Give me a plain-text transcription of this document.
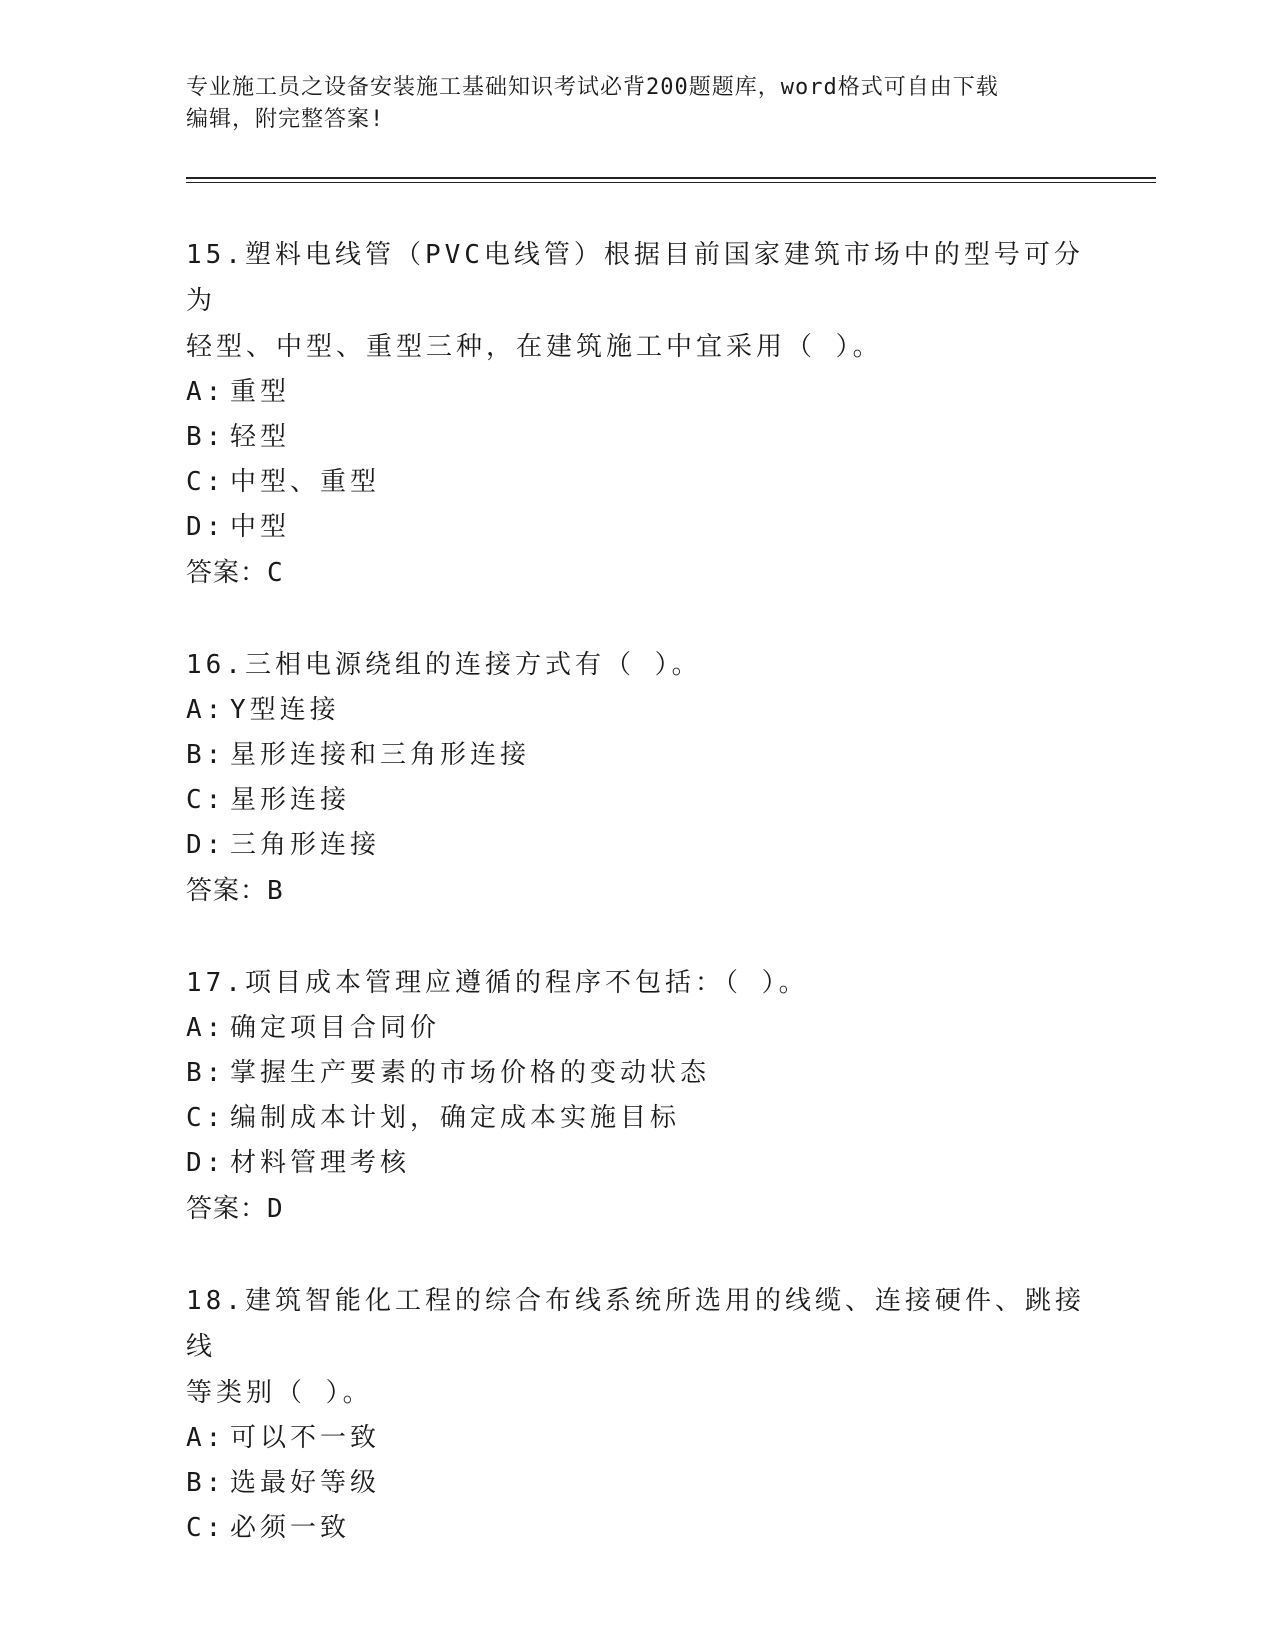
专业施工员之设备安装施工基础知识考试必背200题题库，word格式可自由下载
编辑，附完整答案!
15.塑料电线管（PVC电线管）根据目前国家建筑市场中的型号可分为
轻型、中型、重型三种，在建筑施工中宜采用（ ）。
A: 重型
B: 轻型
C: 中型、重型
D: 中型
答案：C
16.三相电源绕组的连接方式有（ ）。
A: Y型连接
B: 星形连接和三角形连接
C: 星形连接
D: 三角形连接
答案：B
17.项目成本管理应遵循的程序不包括：（ ）。
A: 确定项目合同价
B: 掌握生产要素的市场价格的变动状态
C: 编制成本计划，确定成本实施目标
D: 材料管理考核
答案：D
18.建筑智能化工程的综合布线系统所选用的线缆、连接硬件、跳接线
等类别（ ）。
A: 可以不一致
B: 选最好等级
C: 必须一致
